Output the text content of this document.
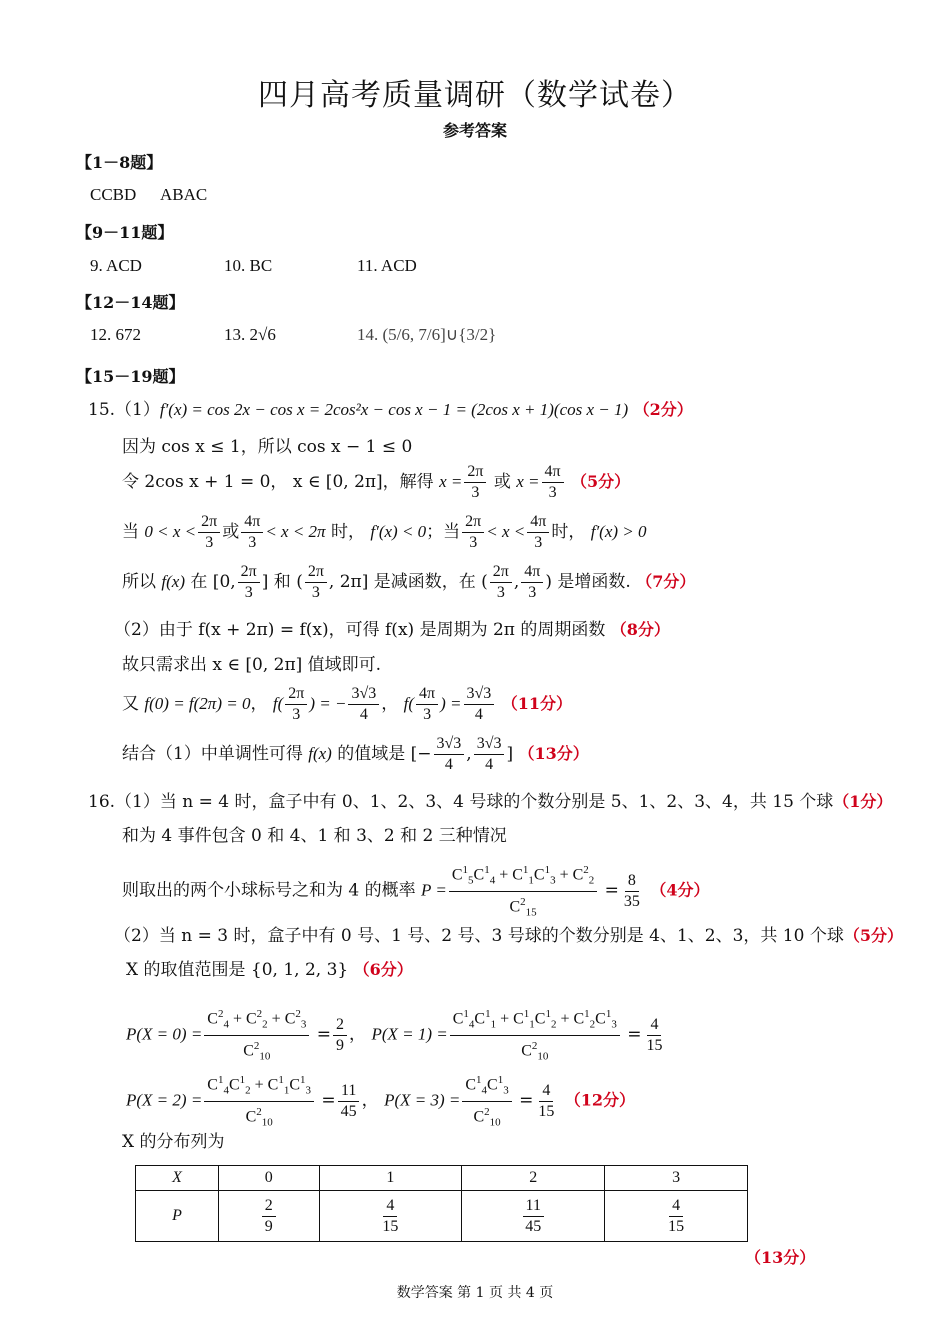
四月高考质量调研（数学试卷）
参考答案
【1－8题】
CCBD ABAC
【9－11题】
9. ACD	10. BC	11. ACD
【12－14题】
12. 672	13. 2√6	14. (5/6, 7/6]∪{3/2}
【15－19题】
15.（1）f′(x) = cos 2x − cos x = 2cos²x − cos x − 1 = (2cos x + 1)(cos x − 1) （2分）
因为 cos x ≤ 1，所以 cos x − 1 ≤ 0
令 2cos x + 1 = 0， x ∈ [0, 2π]，解得 $x = \frac{2\pi}{3}$ 或 $x = \frac{4\pi}{3} (5$分）
当 $0 < x < \frac{2\pi}{3}$ 或 $\frac{4\pi}{3} < x < 2\pi$ 时， f′(x) < 0；当 $\frac{2\pi}{3} < x < \frac{4\pi}{3}$ 时， f′(x) > 0
所以 f(x) 在 [0, $\frac{2\pi}{3}$ ] 和 ( $\frac{2\pi}{3}$ , 2π] 是减函数，在 ( $\frac{2\pi}{3}$ , $\frac{4\pi}{3}$ ) 是增函数. （7分）
（2）由于 f(x + 2π) = f(x)，可得 f(x) 是周期为 2π 的周期函数 （8分）
故只需求出 x ∈ [0, 2π] 值域即可.
又 f(0) = f(2π) = 0， $f( \frac{2\pi}{3}$ ) = − $\frac{3√3}{4}$ ， $f( \frac{4\pi}{3}$ ) = $\frac{3√3}{4} (11$分）
结合（1）中单调性可得 f(x) 的值域是 [− $\frac{3√3}{4}$ , $\frac{3√3}{4}$ ] （13分）
16.（1）当 n = 4 时，盒子中有 0、1、2、3、4 号球的个数分别是 5、1、2、3、4，共 15 个球（1分）
和为 4 事件包含 0 和 4、1 和 3、2 和 2 三种情况
则取出的两个小球标号之和为 4 的概率 $P = \frac{C^1_5C^1_4 + C^1_1C^1_3 + C^2_2}{C^2_{15}} = \frac{8}{35} (4$分）
（2）当 n = 3 时，盒子中有 0 号、1 号、2 号、3 号球的个数分别是 4、1、2、3，共 10 个球（5分）
X 的取值范围是 {0, 1, 2, 3} （6分）
$P(X = 0) = \frac{C^2_4 + C^2_2 + C^2_3}{C^2_{10}} = \frac{2}{9}$ ， $P(X = 1) = \frac{C^1_4C^1_1 + C^1_1C^1_2 + C^1_2C^1_3}{C^2_{10}} = \frac{4}{15}$
$P(X = 2) = \frac{C^1_4C^1_2 + C^1_1C^1_3}{C^2_{10}} = \frac{11}{45}$ ， $P(X = 3) = \frac{C^1_4C^1_3}{C^2_{10}} = \frac{4}{15} (12$分）
X 的分布列为
X	0	1	2	3
P	$\frac{2}{9}$	$\frac{4}{15}$	$\frac{11}{45}$	$\frac{4}{15}$
（13分）
数学答案 第 1 页 共 4 页
